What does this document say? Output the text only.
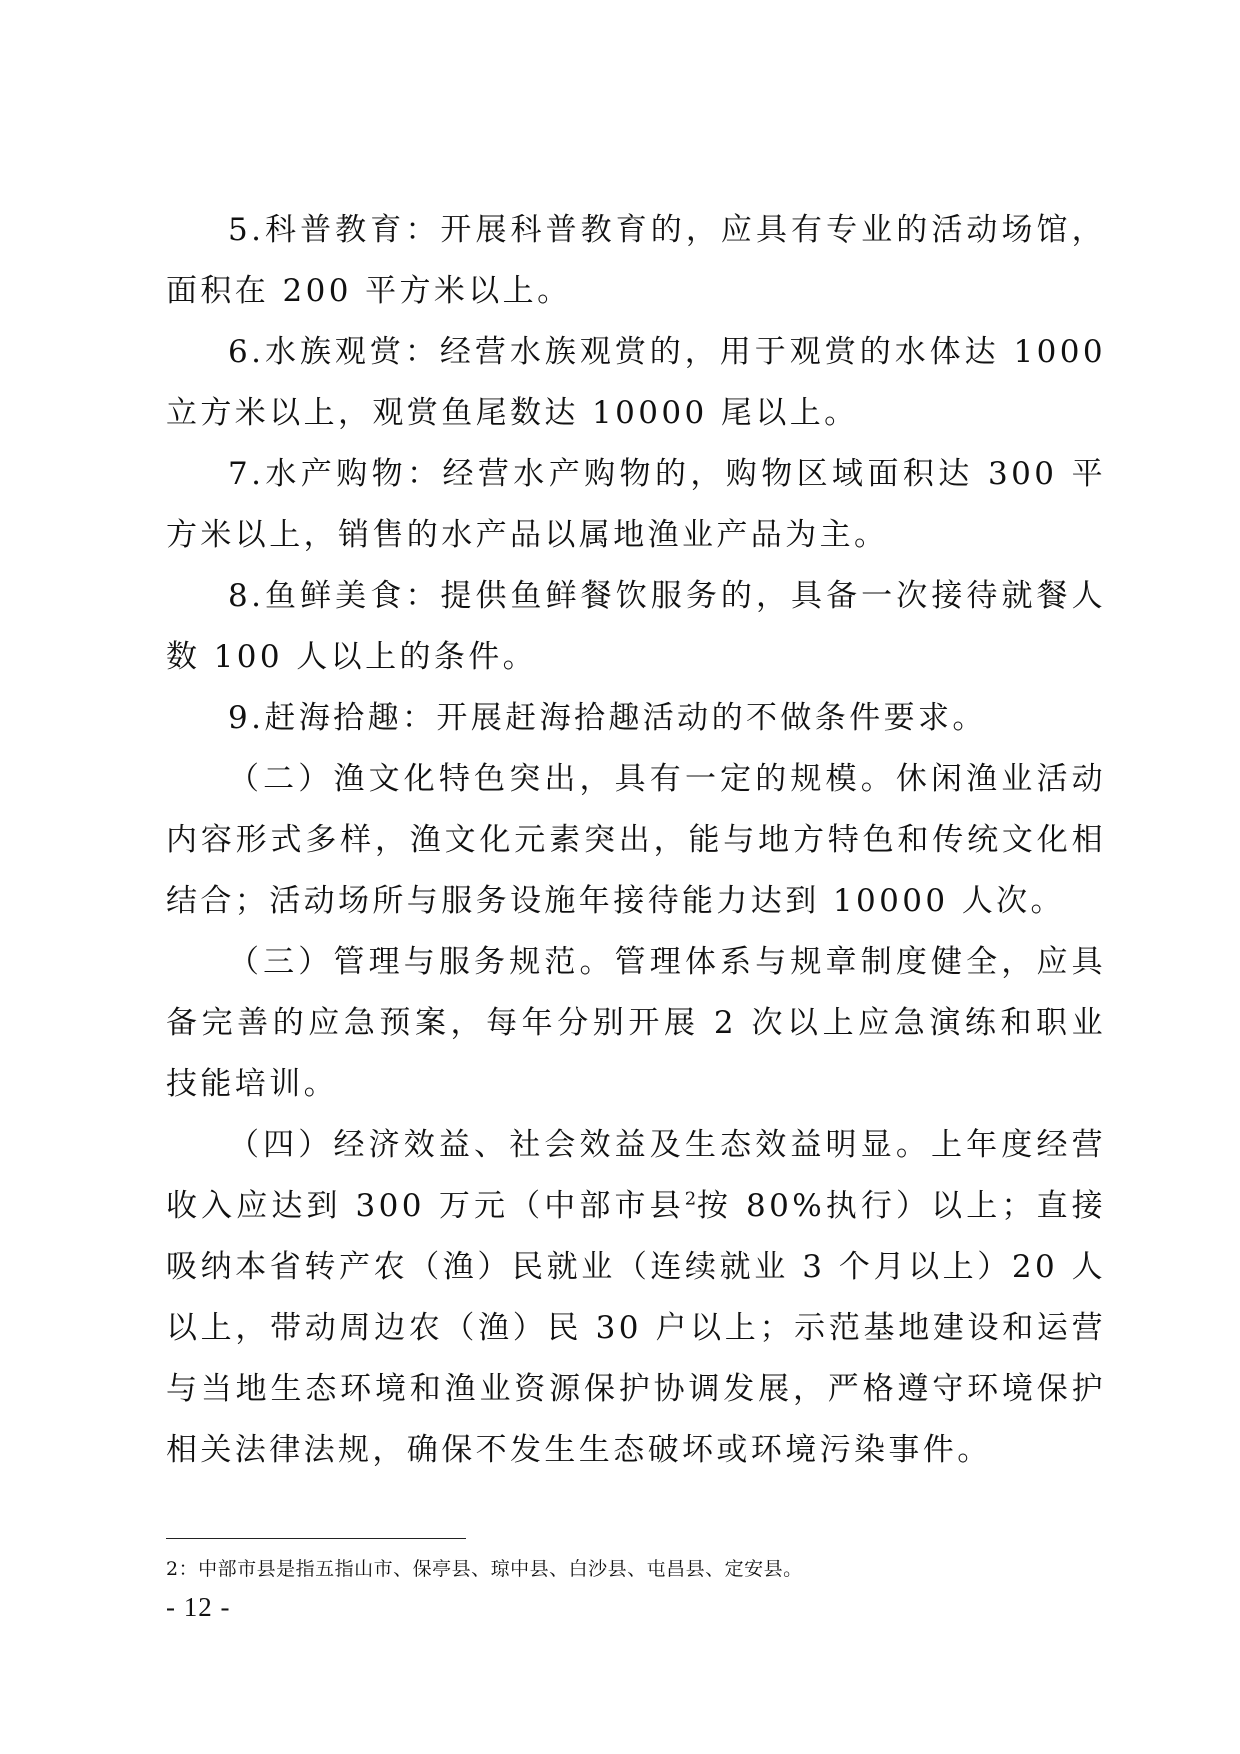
5.科普教育：开展科普教育的，应具有专业的活动场馆，面积在 200 平方米以上。

6.水族观赏：经营水族观赏的，用于观赏的水体达 1000 立方米以上，观赏鱼尾数达 10000 尾以上。

7.水产购物：经营水产购物的，购物区域面积达 300 平方米以上，销售的水产品以属地渔业产品为主。

8.鱼鲜美食：提供鱼鲜餐饮服务的，具备一次接待就餐人数 100 人以上的条件。

9.赶海拾趣：开展赶海拾趣活动的不做条件要求。

（二）渔文化特色突出，具有一定的规模。休闲渔业活动内容形式多样，渔文化元素突出，能与地方特色和传统文化相结合；活动场所与服务设施年接待能力达到 10000 人次。

（三）管理与服务规范。管理体系与规章制度健全，应具备完善的应急预案，每年分别开展 2 次以上应急演练和职业技能培训。

（四）经济效益、社会效益及生态效益明显。上年度经营收入应达到 300 万元（中部市县$^2$按 80%执行）以上；直接吸纳本省转产农（渔）民就业（连续就业 3 个月以上）20 人以上，带动周边农（渔）民 30 户以上；示范基地建设和运营与当地生态环境和渔业资源保护协调发展，严格遵守环境保护相关法律法规，确保不发生生态破坏或环境污染事件。

2：中部市县是指五指山市、保亭县、琼中县、白沙县、屯昌县、定安县。
- 12 -
